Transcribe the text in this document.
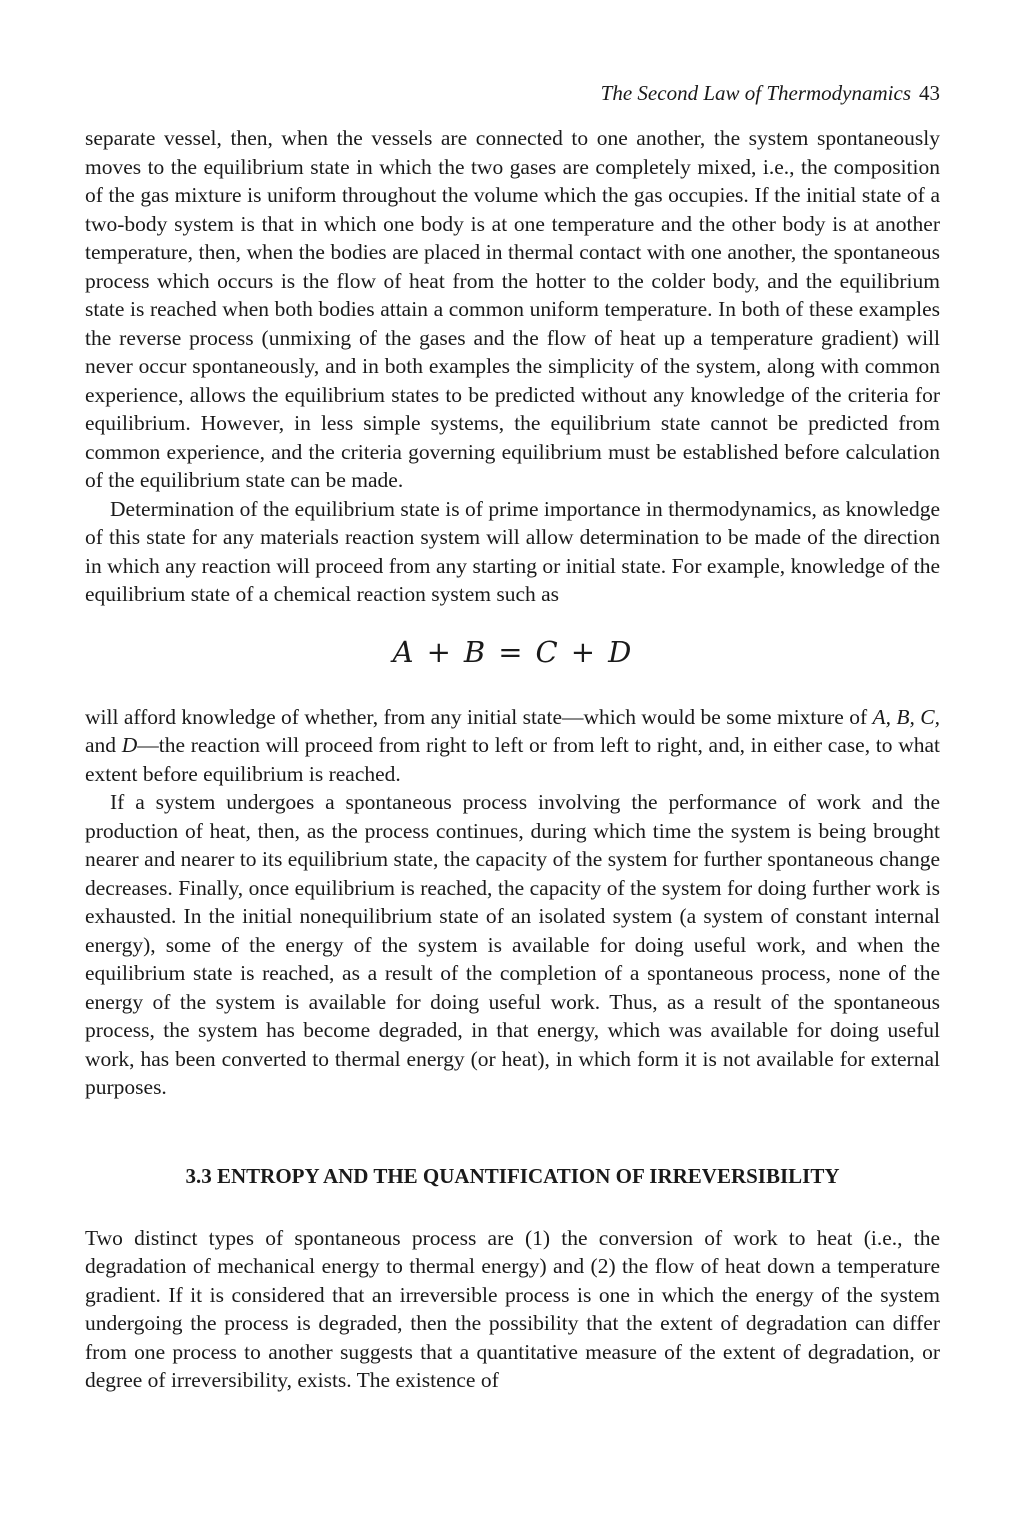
The Second Law of Thermodynamics 43

separate vessel, then, when the vessels are connected to one another, the system spontaneously moves to the equilibrium state in which the two gases are completely mixed, i.e., the composition of the gas mixture is uniform throughout the volume which the gas occupies. If the initial state of a two-body system is that in which one body is at one temperature and the other body is at another temperature, then, when the bodies are placed in thermal contact with one another, the spontaneous process which occurs is the flow of heat from the hotter to the colder body, and the equilibrium state is reached when both bodies attain a common uniform temperature. In both of these examples the reverse process (unmixing of the gases and the flow of heat up a temperature gradient) will never occur spontaneously, and in both examples the simplicity of the system, along with common experience, allows the equilibrium states to be predicted without any knowledge of the criteria for equilibrium. However, in less simple systems, the equilibrium state cannot be predicted from common experience, and the criteria governing equilibrium must be established before calculation of the equilibrium state can be made.

Determination of the equilibrium state is of prime importance in thermodynamics, as knowledge of this state for any materials reaction system will allow determination to be made of the direction in which any reaction will proceed from any starting or initial state. For example, knowledge of the equilibrium state of a chemical reaction system such as

A + B = C + D

will afford knowledge of whether, from any initial state—which would be some mixture of A, B, C, and D—the reaction will proceed from right to left or from left to right, and, in either case, to what extent before equilibrium is reached.

If a system undergoes a spontaneous process involving the performance of work and the production of heat, then, as the process continues, during which time the system is being brought nearer and nearer to its equilibrium state, the capacity of the system for further spontaneous change decreases. Finally, once equilibrium is reached, the capacity of the system for doing further work is exhausted. In the initial nonequilibrium state of an isolated system (a system of constant internal energy), some of the energy of the system is available for doing useful work, and when the equilibrium state is reached, as a result of the completion of a spontaneous process, none of the energy of the system is available for doing useful work. Thus, as a result of the spontaneous process, the system has become degraded, in that energy, which was available for doing useful work, has been converted to thermal energy (or heat), in which form it is not available for external purposes.

3.3 ENTROPY AND THE QUANTIFICATION OF IRREVERSIBILITY

Two distinct types of spontaneous process are (1) the conversion of work to heat (i.e., the degradation of mechanical energy to thermal energy) and (2) the flow of heat down a temperature gradient. If it is considered that an irreversible process is one in which the energy of the system undergoing the process is degraded, then the possibility that the extent of degradation can differ from one process to another suggests that a quantitative measure of the extent of degradation, or degree of irreversibility, exists. The existence of
